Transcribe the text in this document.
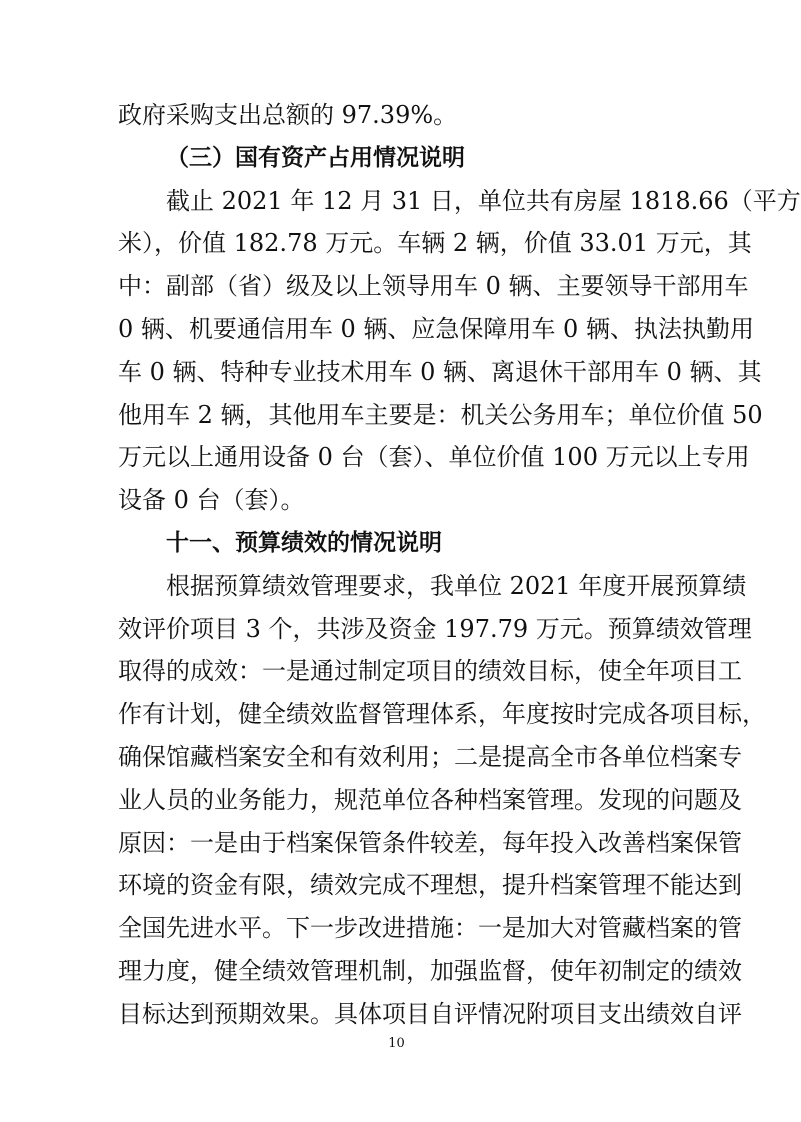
政府采购支出总额的 97.39%。
（三）国有资产占用情况说明
截止 2021 年 12 月 31 日，单位共有房屋 1818.66（平方
米），价值 182.78 万元。车辆 2 辆，价值 33.01 万元，其
中：副部（省）级及以上领导用车 0 辆、主要领导干部用车
0 辆、机要通信用车 0 辆、应急保障用车 0 辆、执法执勤用
车 0 辆、特种专业技术用车 0 辆、离退休干部用车 0 辆、其
他用车 2 辆，其他用车主要是：机关公务用车；单位价值 50
万元以上通用设备 0 台（套）、单位价值 100 万元以上专用
设备 0 台（套）。
十一、预算绩效的情况说明
根据预算绩效管理要求，我单位 2021 年度开展预算绩
效评价项目 3 个，共涉及资金 197.79 万元。预算绩效管理
取得的成效：一是通过制定项目的绩效目标，使全年项目工
作有计划，健全绩效监督管理体系，年度按时完成各项目标，
确保馆藏档案安全和有效利用；二是提高全市各单位档案专
业人员的业务能力，规范单位各种档案管理。发现的问题及
原因：一是由于档案保管条件较差，每年投入改善档案保管
环境的资金有限，绩效完成不理想，提升档案管理不能达到
全国先进水平。下一步改进措施：一是加大对管藏档案的管
10
理力度，健全绩效管理机制，加强监督，使年初制定的绩效
目标达到预期效果。具体项目自评情况附项目支出绩效自评
